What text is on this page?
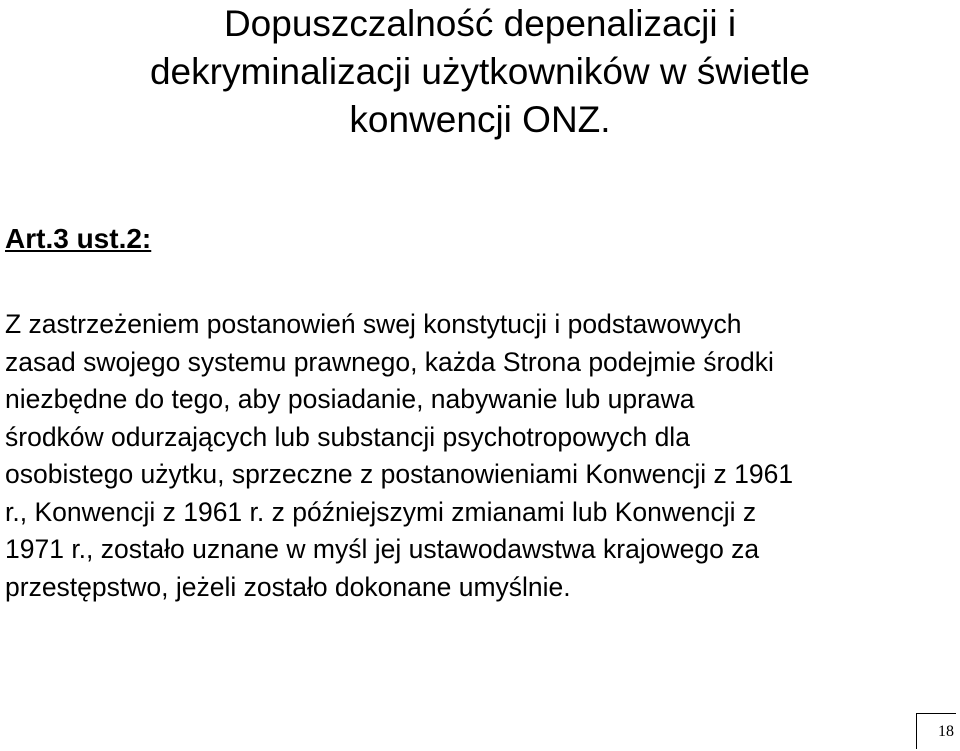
Dopuszczalność depenalizacji i
dekryminalizacji użytkowników w świetle
konwencji ONZ.

Art.3 ust.2:

Z zastrzeżeniem postanowień swej konstytucji i podstawowych
zasad swojego systemu prawnego, każda Strona podejmie środki
niezbędne do tego, aby posiadanie, nabywanie lub uprawa
środków odurzających lub substancji psychotropowych dla
osobistego użytku, sprzeczne z postanowieniami Konwencji z 1961
r., Konwencji z 1961 r. z późniejszymi zmianami lub Konwencji z
1971 r., zostało uznane w myśl jej ustawodawstwa krajowego za
przestępstwo, jeżeli zostało dokonane umyślnie.

18
